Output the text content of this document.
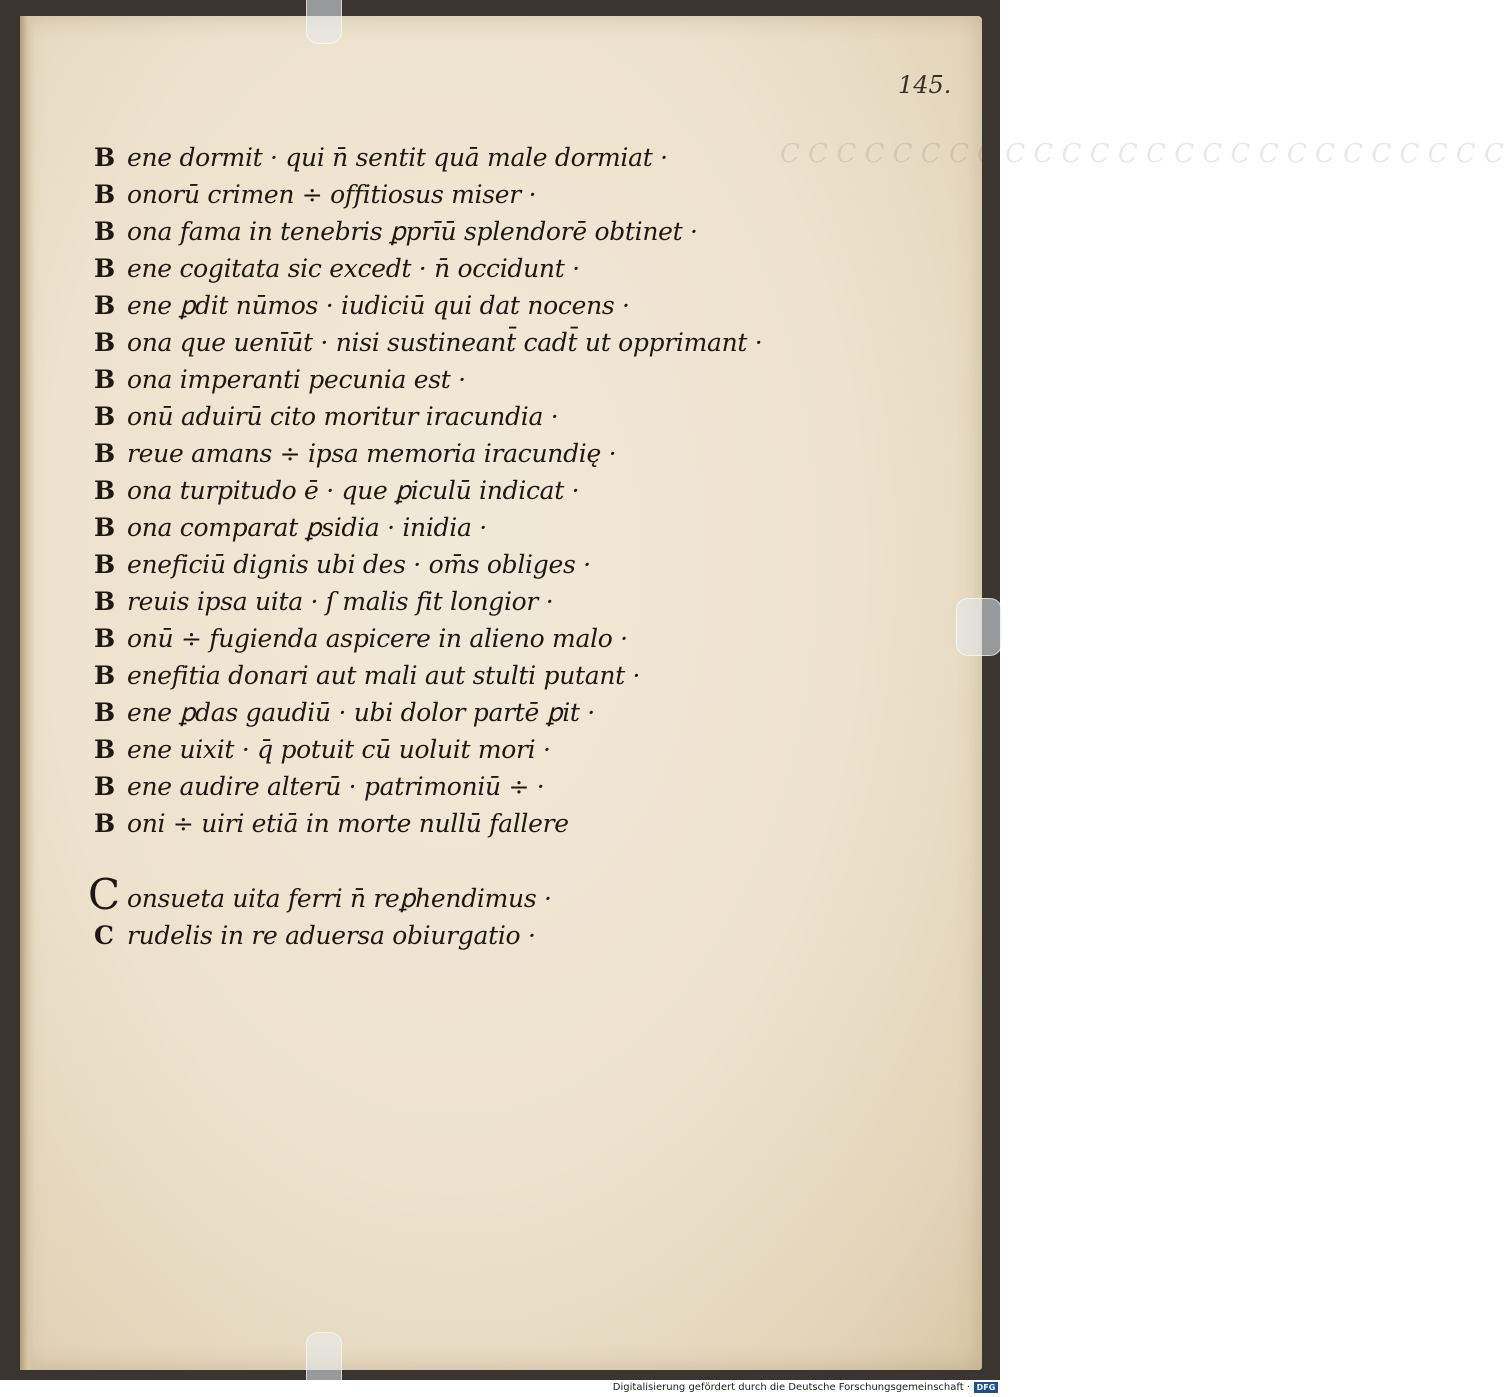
C C C C C C C C C C C C C C C C C C C C C C C C C C
145.
B ene dormit · qui n̄ sentit quā male dormiat ·
B onorū crimen ÷ offitiosus miser ·
B ona fama in tenebris ꝑprīū splendorē obtinet ·
B ene cogitata sic excedt · n̄ occidunt ·
B ene ꝑdit nūmos · iudiciū qui dat nocens ·
B ona que uenīūt · nisi sustineant̄ cadt̄ ut opprimant ·
B ona imperanti pecunia est ·
B onū aduirū cito moritur iracundia ·
B reue amans ÷ ipsa memoria iracundię ·
B ona turpitudo ē · que ꝑiculū indicat ·
B ona comparat ꝑsidia · inidia ·
B eneficiū dignis ubi des · om̄s obliges ·
B reuis ipsa uita · ſ malis fit longior ·
B onū ÷ fugienda aspicere in alieno malo ·
B enefitia donari aut mali aut stulti putant ·
B ene ꝑdas gaudiū · ubi dolor partē ꝑit ·
B ene uixit · q̄ potuit cū uoluit mori ·
B ene audire alterū · patrimoniū ÷ ·
B oni ÷ uiri etiā in morte nullū fallere
C onsueta uita ferri n̄ reꝑhendimus ·
C rudelis in re aduersa obiurgatio ·
Digitalisierung gefördert durch die Deutsche Forschungsgemeinschaft · DFG
